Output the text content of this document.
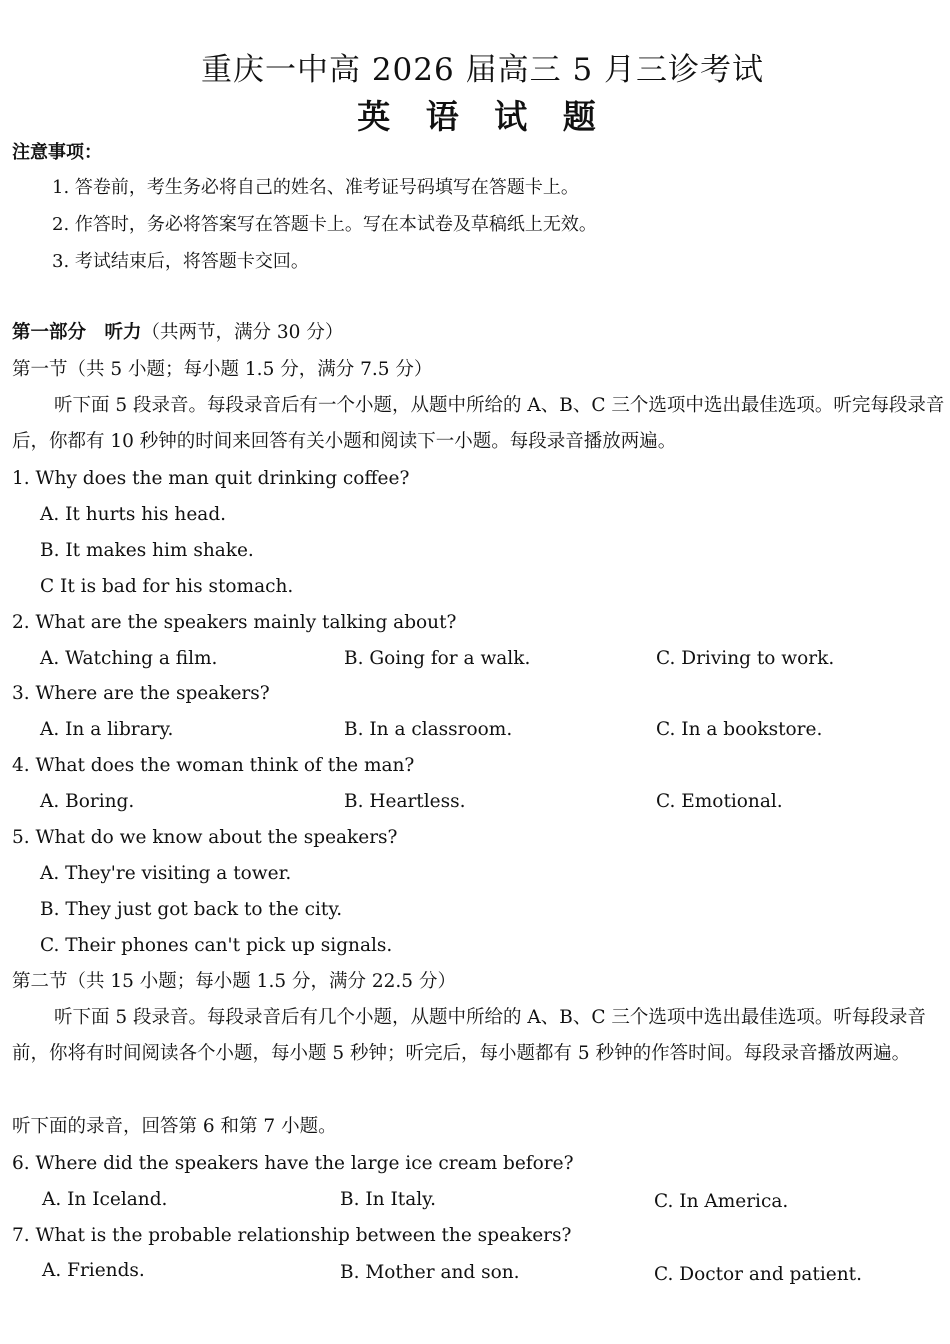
重庆一中高 2026 届高三 5 月三诊考试
英 语 试 题
注意事项：
1. 答卷前，考生务必将自己的姓名、准考证号码填写在答题卡上。
2. 作答时，务必将答案写在答题卡上。写在本试卷及草稿纸上无效。
3. 考试结束后，将答题卡交回。
第一部分　听力（共两节，满分 30 分）
第一节（共 5 小题；每小题 1.5 分，满分 7.5 分）
听下面 5 段录音。每段录音后有一个小题，从题中所给的 A、B、C 三个选项中选出最佳选项。听完每段录音后，你都有 10 秒钟的时间来回答有关小题和阅读下一小题。每段录音播放两遍。
1. Why does the man quit drinking coffee?
A. It hurts his head.
B. It makes him shake.
C It is bad for his stomach.
2. What are the speakers mainly talking about?
A. Watching a film.	B. Going for a walk.	C. Driving to work.
3. Where are the speakers?
A. In a library.	B. In a classroom.	C. In a bookstore.
4. What does the woman think of the man?
A. Boring.	B. Heartless.	C. Emotional.
5. What do we know about the speakers?
A. They're visiting a tower.
B. They just got back to the city.
C. Their phones can't pick up signals.
第二节（共 15 小题；每小题 1.5 分，满分 22.5 分）
听下面 5 段录音。每段录音后有几个小题，从题中所给的 A、B、C 三个选项中选出最佳选项。听每段录音前，你将有时间阅读各个小题，每小题 5 秒钟；听完后，每小题都有 5 秒钟的作答时间。每段录音播放两遍。
听下面的录音，回答第 6 和第 7 小题。
6. Where did the speakers have the large ice cream before?
A. In Iceland.	B. In Italy.	C. In America.
7. What is the probable relationship between the speakers?
A. Friends.	B. Mother and son.	C. Doctor and patient.
